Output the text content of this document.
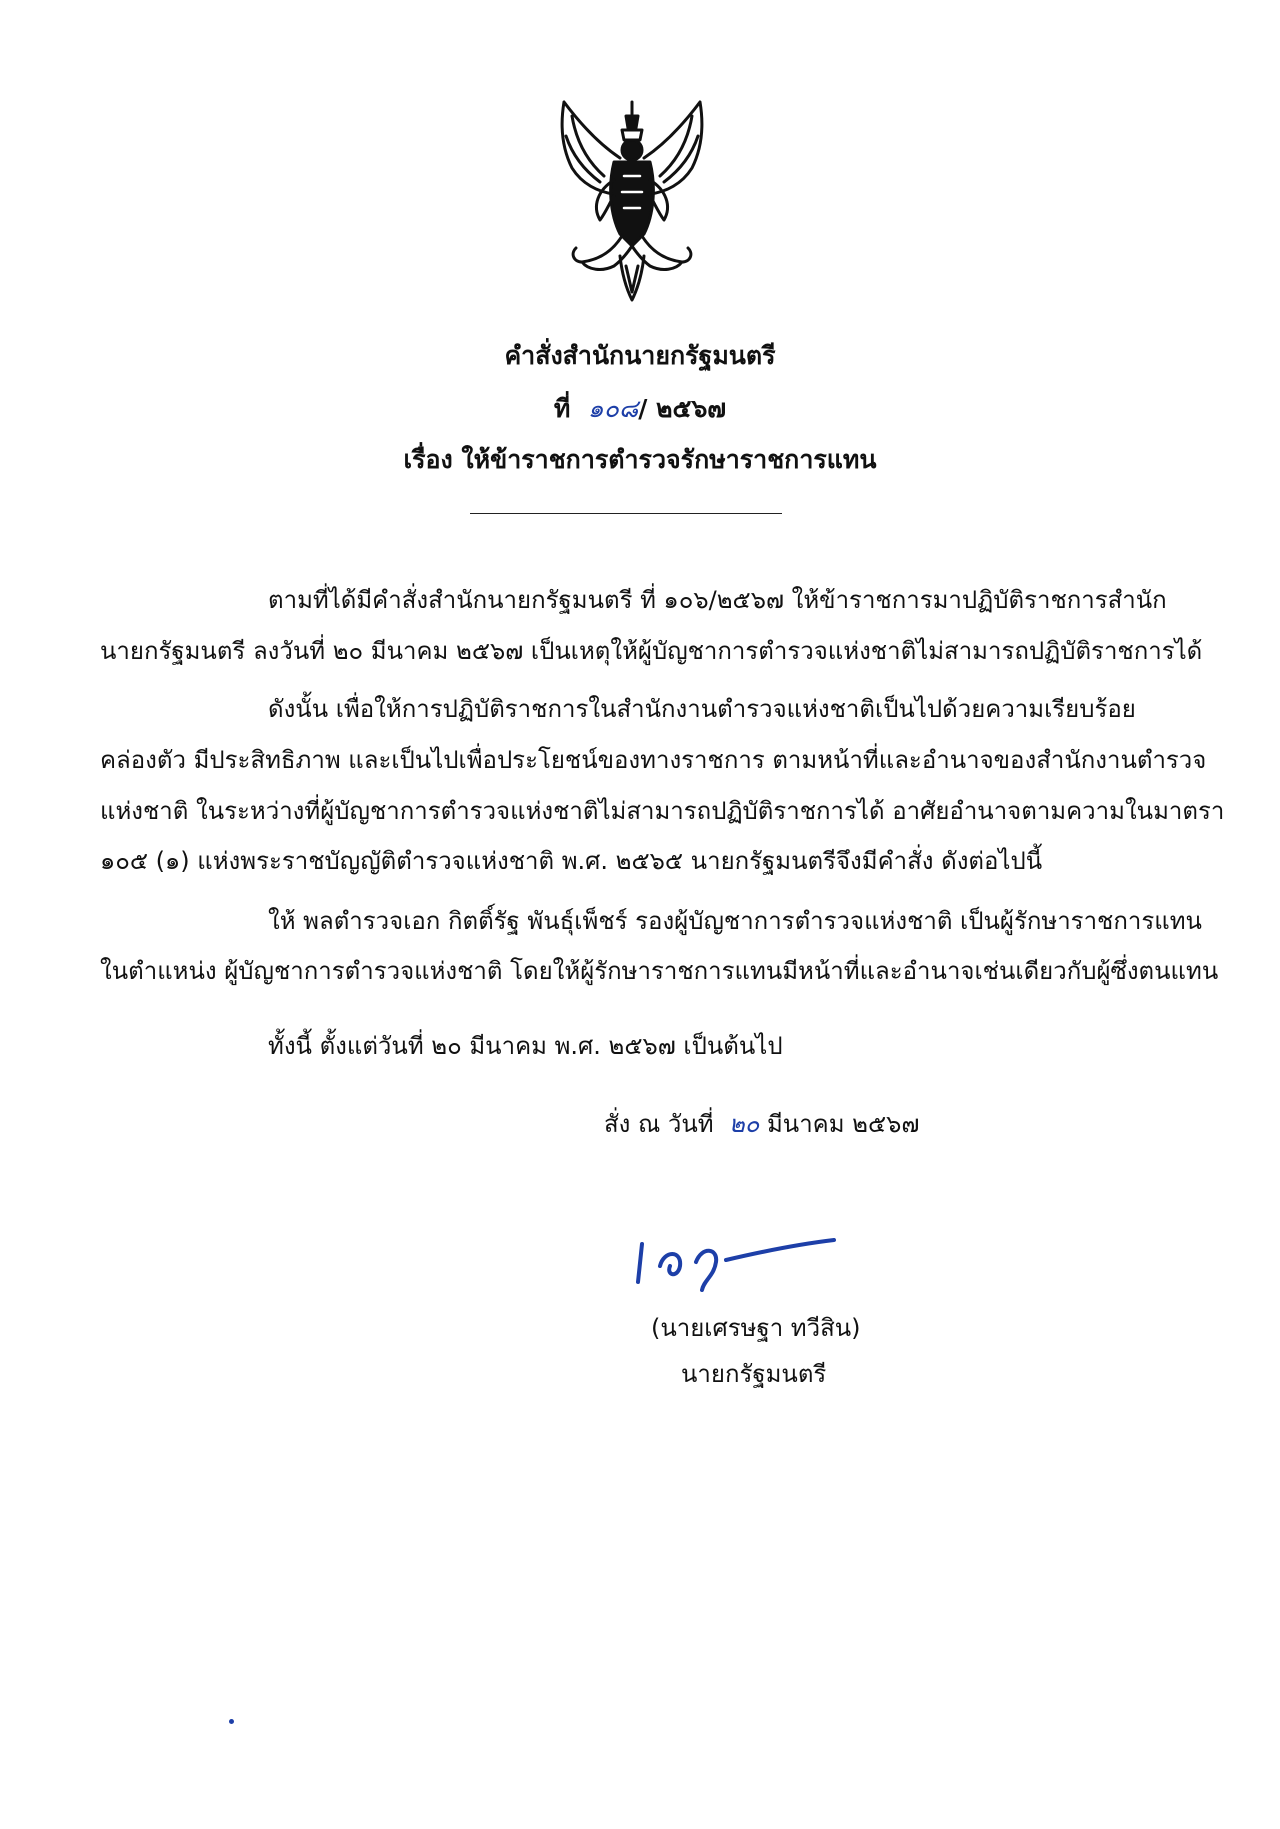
คำสั่งสำนักนายกรัฐมนตรี
ที่ ๑๐๘/ ๒๕๖๗
เรื่อง ให้ข้าราชการตำรวจรักษาราชการแทน
ตามที่ได้มีคำสั่งสำนักนายกรัฐมนตรี ที่ ๑๐๖/๒๕๖๗ ให้ข้าราชการมาปฏิบัติราชการสำนัก
นายกรัฐมนตรี ลงวันที่ ๒๐ มีนาคม ๒๕๖๗ เป็นเหตุให้ผู้บัญชาการตำรวจแห่งชาติไม่สามารถปฏิบัติราชการได้
ดังนั้น เพื่อให้การปฏิบัติราชการในสำนักงานตำรวจแห่งชาติเป็นไปด้วยความเรียบร้อย
คล่องตัว มีประสิทธิภาพ และเป็นไปเพื่อประโยชน์ของทางราชการ ตามหน้าที่และอำนาจของสำนักงานตำรวจ
แห่งชาติ ในระหว่างที่ผู้บัญชาการตำรวจแห่งชาติไม่สามารถปฏิบัติราชการได้ อาศัยอำนาจตามความในมาตรา
๑๐๕ (๑) แห่งพระราชบัญญัติตำรวจแห่งชาติ พ.ศ. ๒๕๖๕ นายกรัฐมนตรีจึงมีคำสั่ง ดังต่อไปนี้
ให้ พลตำรวจเอก กิตติ์รัฐ พันธุ์เพ็ชร์ รองผู้บัญชาการตำรวจแห่งชาติ เป็นผู้รักษาราชการแทน
ในตำแหน่ง ผู้บัญชาการตำรวจแห่งชาติ โดยให้ผู้รักษาราชการแทนมีหน้าที่และอำนาจเช่นเดียวกับผู้ซึ่งตนแทน
ทั้งนี้ ตั้งแต่วันที่ ๒๐ มีนาคม พ.ศ. ๒๕๖๗ เป็นต้นไป
สั่ง ณ วันที่ ๒๐ มีนาคม ๒๕๖๗
(นายเศรษฐา ทวีสิน)
นายกรัฐมนตรี
